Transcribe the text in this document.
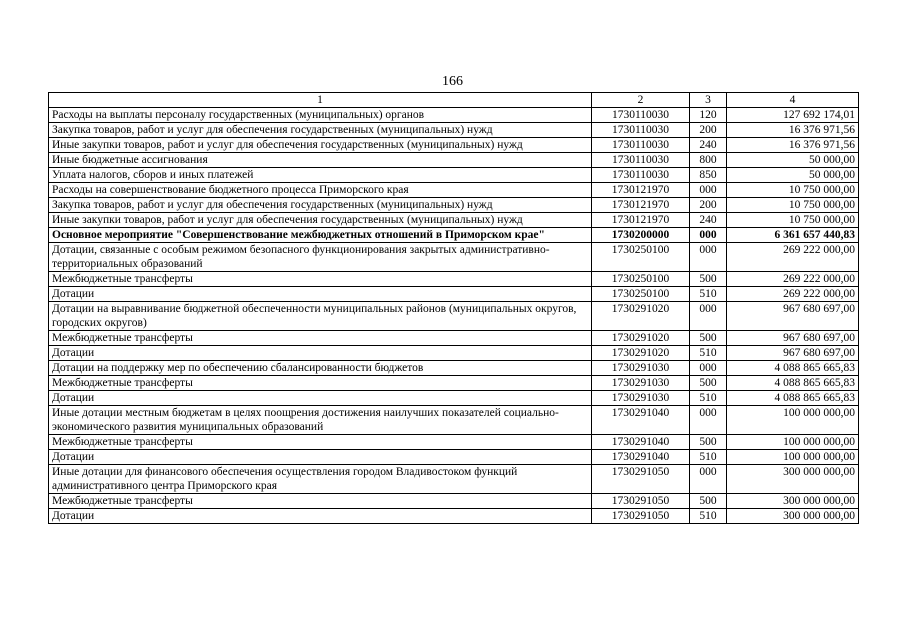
166
1	2	3	4
Расходы на выплаты персоналу государственных (муниципальных) органов	1730110030	120	127 692 174,01
Закупка товаров, работ и услуг для обеспечения государственных (муниципальных) нужд	1730110030	200	16 376 971,56
Иные закупки товаров, работ и услуг для обеспечения государственных (муниципальных) нужд	1730110030	240	16 376 971,56
Иные бюджетные ассигнования	1730110030	800	50 000,00
Уплата налогов, сборов и иных платежей	1730110030	850	50 000,00
Расходы на совершенствование бюджетного процесса Приморского края	1730121970	000	10 750 000,00
Закупка товаров, работ и услуг для обеспечения государственных (муниципальных) нужд	1730121970	200	10 750 000,00
Иные закупки товаров, работ и услуг для обеспечения государственных (муниципальных) нужд	1730121970	240	10 750 000,00
Основное мероприятие "Совершенствование межбюджетных отношений в Приморском крае"	1730200000	000	6 361 657 440,83
Дотации, связанные с особым режимом безопасного функционирования закрытых административно-территориальных образований	1730250100	000	269 222 000,00
Межбюджетные трансферты	1730250100	500	269 222 000,00
Дотации	1730250100	510	269 222 000,00
Дотации на выравнивание бюджетной обеспеченности муниципальных районов (муниципальных округов, городских округов)	1730291020	000	967 680 697,00
Межбюджетные трансферты	1730291020	500	967 680 697,00
Дотации	1730291020	510	967 680 697,00
Дотации на поддержку мер по обеспечению сбалансированности бюджетов	1730291030	000	4 088 865 665,83
Межбюджетные трансферты	1730291030	500	4 088 865 665,83
Дотации	1730291030	510	4 088 865 665,83
Иные дотации местным бюджетам в целях поощрения достижения наилучших показателей социально-экономического развития муниципальных образований	1730291040	000	100 000 000,00
Межбюджетные трансферты	1730291040	500	100 000 000,00
Дотации	1730291040	510	100 000 000,00
Иные дотации для финансового обеспечения осуществления городом Владивостоком функций административного центра Приморского края	1730291050	000	300 000 000,00
Межбюджетные трансферты	1730291050	500	300 000 000,00
Дотации	1730291050	510	300 000 000,00
